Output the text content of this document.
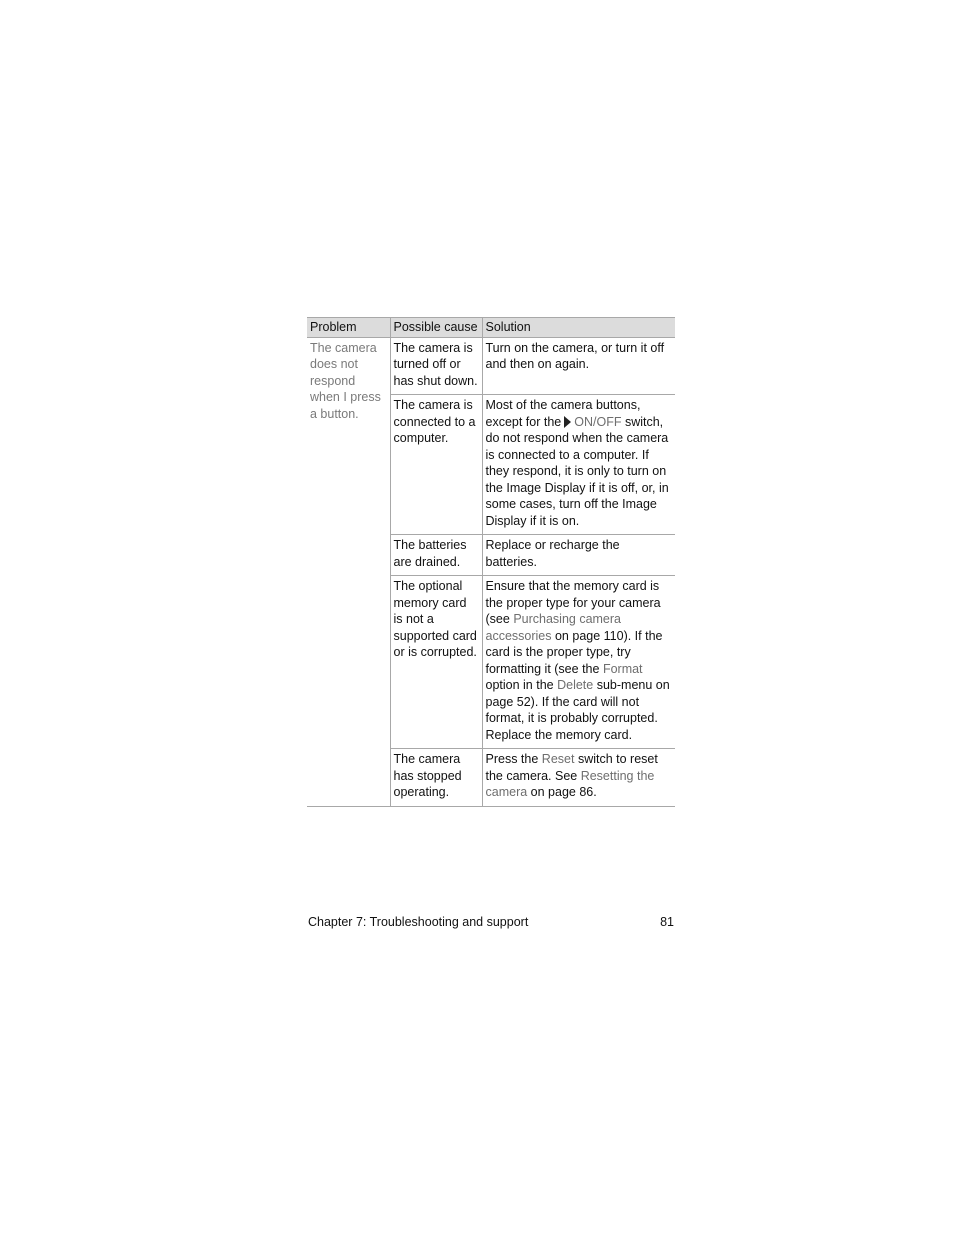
Problem	Possible cause	Solution
The camera does not respond when I press a button.	The camera is turned off or has shut down.	Turn on the camera, or turn it off and then on again.
	The camera is connected to a computer.	Most of the camera buttons, except for the ON/OFF switch, do not respond when the camera is connected to a computer. If they respond, it is only to turn on the Image Display if it is off, or, in some cases, turn off the Image Display if it is on.
	The batteries are drained.	Replace or recharge the batteries.
	The optional memory card is not a supported card or is corrupted.	Ensure that the memory card is the proper type for your camera (see Purchasing camera accessories on page 110). If the card is the proper type, try formatting it (see the Format option in the Delete sub-menu on page 52). If the card will not format, it is probably corrupted. Replace the memory card.
	The camera has stopped operating.	Press the Reset switch to reset the camera. See Resetting the camera on page 86.
Chapter 7: Troubleshooting and support	81
